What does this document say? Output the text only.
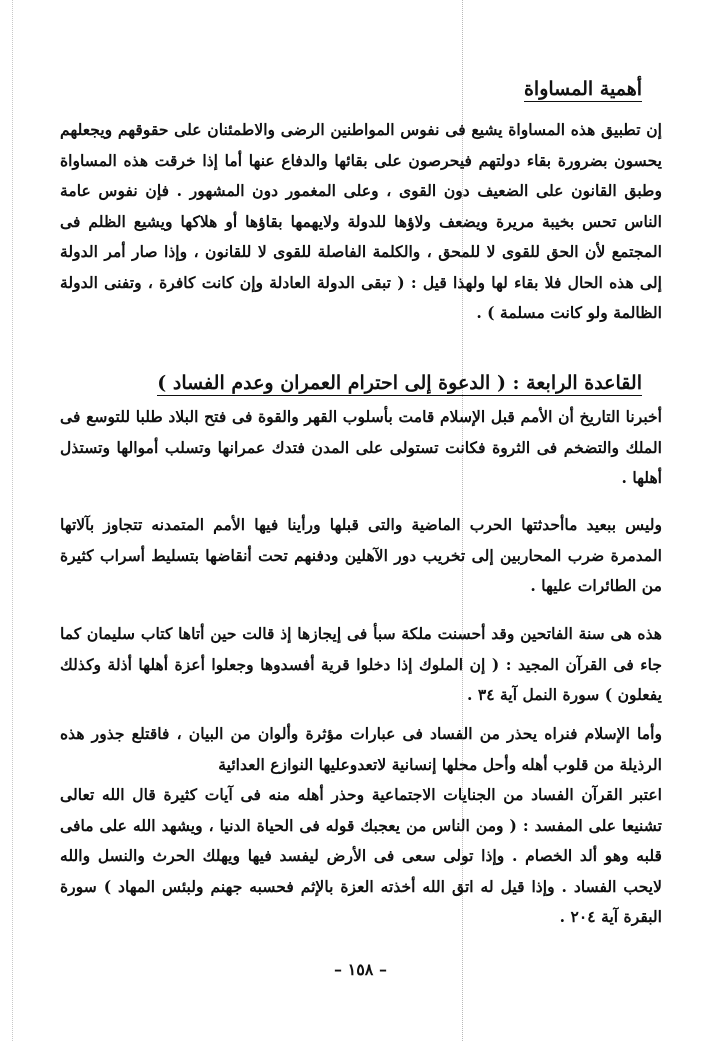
أهمية المساواة

إن تطبيق هذه المساواة يشيع فى نفوس المواطنين الرضى والاطمئنان على حقوقهم ويجعلهم يحسون بضرورة بقاء دولتهم فيحرصون على بقائها والدفاع عنها أما إذا خرقت هذه المساواة وطبق القانون على الضعيف دون القوى ، وعلى المغمور دون المشهور . فإن نفوس عامة الناس تحس بخيبة مريرة ويضعف ولاؤها للدولة ولايهمها بقاؤها أو هلاكها ويشيع الظلم فى المجتمع لأن الحق للقوى لا للمحق ، والكلمة الفاصلة للقوى لا للقانون ، وإذا صار أمر الدولة إلى هذه الحال فلا بقاء لها ولهذا قيل : ( تبقى الدولة العادلة وإن كانت كافرة ، وتفنى الدولة الظالمة ولو كانت مسلمة ) .

القاعدة الرابعة : ( الدعوة إلى احترام العمران وعدم الفساد )

أخبرنا التاريخ أن الأمم قبل الإسلام قامت بأسلوب القهر والقوة فى فتح البلاد طلبا للتوسع فى الملك والتضخم فى الثروة فكانت تستولى على المدن فتدك عمرانها وتسلب أموالها وتستذل أهلها .

وليس ببعيد ماأحدثتها الحرب الماضية والتى قبلها ورأينا فيها الأمم المتمدنه تتجاوز بآلاتها المدمرة ضرب المحاربين إلى تخريب دور الآهلين ودفنهم تحت أنقاضها بتسليط أسراب كثيرة من الطائرات عليها .

هذه هى سنة الفاتحين وقد أحسنت ملكة سبأ فى إيجازها إذ قالت حين أتاها كتاب سليمان كما جاء فى القرآن المجيد : ( إن الملوك إذا دخلوا قرية أفسدوها وجعلوا أعزة أهلها أذلة وكذلك يفعلون ) سورة النمل آية ٣٤ .

وأما الإسلام فنراه يحذر من الفساد فى عبارات مؤثرة وألوان من البيان ، فاقتلع جذور هذه الرذيلة من قلوب أهله وأحل محلها إنسانية لاتعدوعليها النوازع العدائية

اعتبر القرآن الفساد من الجنايات الاجتماعية وحذر أهله منه فى آيات كثيرة قال الله تعالى تشنيعا على المفسد : ( ومن الناس من يعجبك قوله فى الحياة الدنيا ، ويشهد الله على مافى قلبه وهو ألد الخصام . وإذا تولى سعى فى الأرض ليفسد فيها ويهلك الحرث والنسل والله لايحب الفساد . وإذا قيل له اتق الله أخذته العزة بالإثم فحسبه جهنم ولبئس المهاد ) سورة البقرة آية ٢٠٤ .

– ١٥٨ –
